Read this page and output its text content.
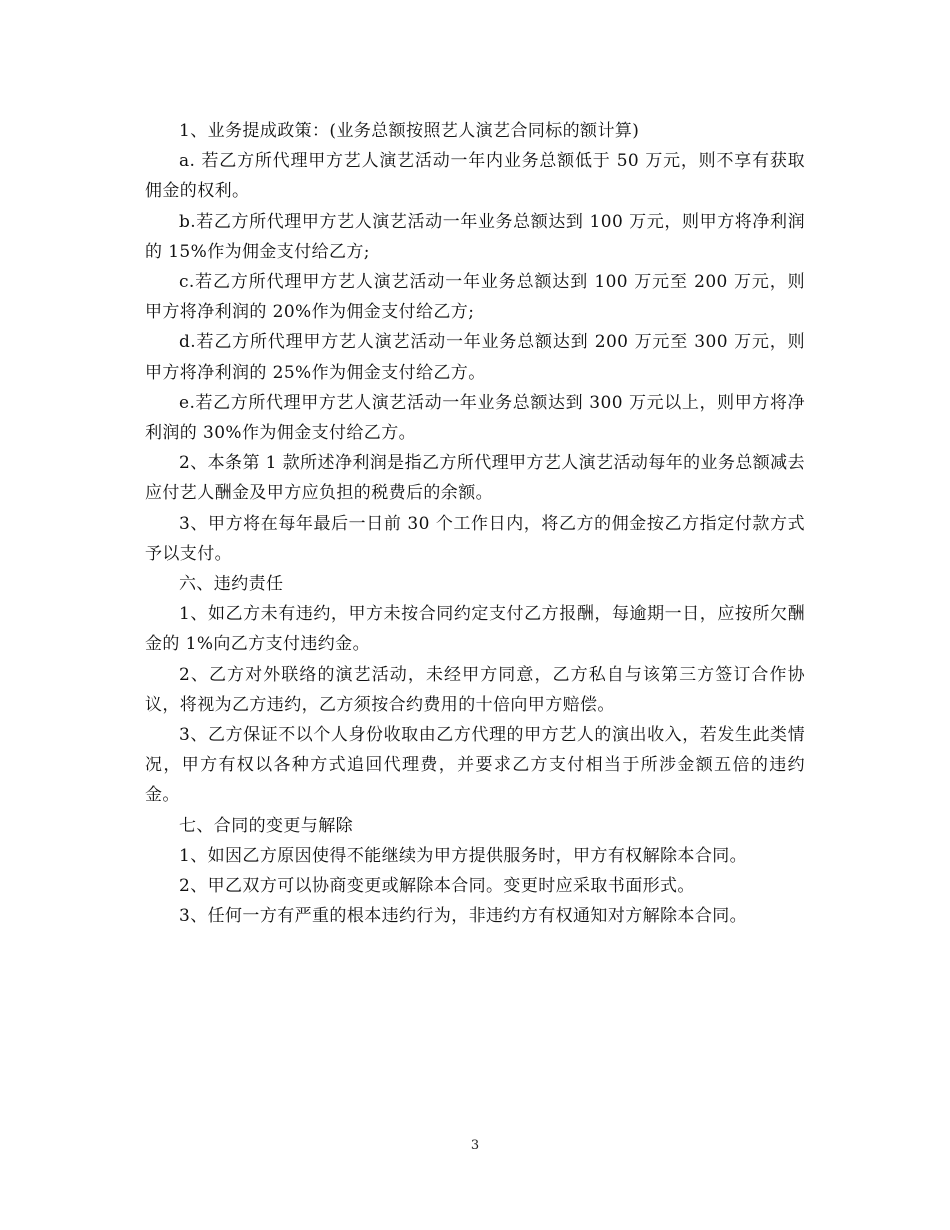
1、业务提成政策：(业务总额按照艺人演艺合同标的额计算)

a. 若乙方所代理甲方艺人演艺活动一年内业务总额低于 50 万元，则不享有获取佣金的权利。

b.若乙方所代理甲方艺人演艺活动一年业务总额达到 100 万元，则甲方将净利润的 15%作为佣金支付给乙方;

c.若乙方所代理甲方艺人演艺活动一年业务总额达到 100 万元至 200 万元，则甲方将净利润的 20%作为佣金支付给乙方;

d.若乙方所代理甲方艺人演艺活动一年业务总额达到 200 万元至 300 万元，则甲方将净利润的 25%作为佣金支付给乙方。

e.若乙方所代理甲方艺人演艺活动一年业务总额达到 300 万元以上，则甲方将净利润的 30%作为佣金支付给乙方。

2、本条第 1 款所述净利润是指乙方所代理甲方艺人演艺活动每年的业务总额减去应付艺人酬金及甲方应负担的税费后的余额。

3、甲方将在每年最后一日前 30 个工作日内，将乙方的佣金按乙方指定付款方式予以支付。

六、违约责任

1、如乙方未有违约，甲方未按合同约定支付乙方报酬，每逾期一日，应按所欠酬金的 1%向乙方支付违约金。

2、乙方对外联络的演艺活动，未经甲方同意，乙方私自与该第三方签订合作协议，将视为乙方违约，乙方须按合约费用的十倍向甲方赔偿。

3、乙方保证不以个人身份收取由乙方代理的甲方艺人的演出收入，若发生此类情况，甲方有权以各种方式追回代理费，并要求乙方支付相当于所涉金额五倍的违约金。

七、合同的变更与解除

1、如因乙方原因使得不能继续为甲方提供服务时，甲方有权解除本合同。

2、甲乙双方可以协商变更或解除本合同。变更时应采取书面形式。

3、任何一方有严重的根本违约行为，非违约方有权通知对方解除本合同。

3
